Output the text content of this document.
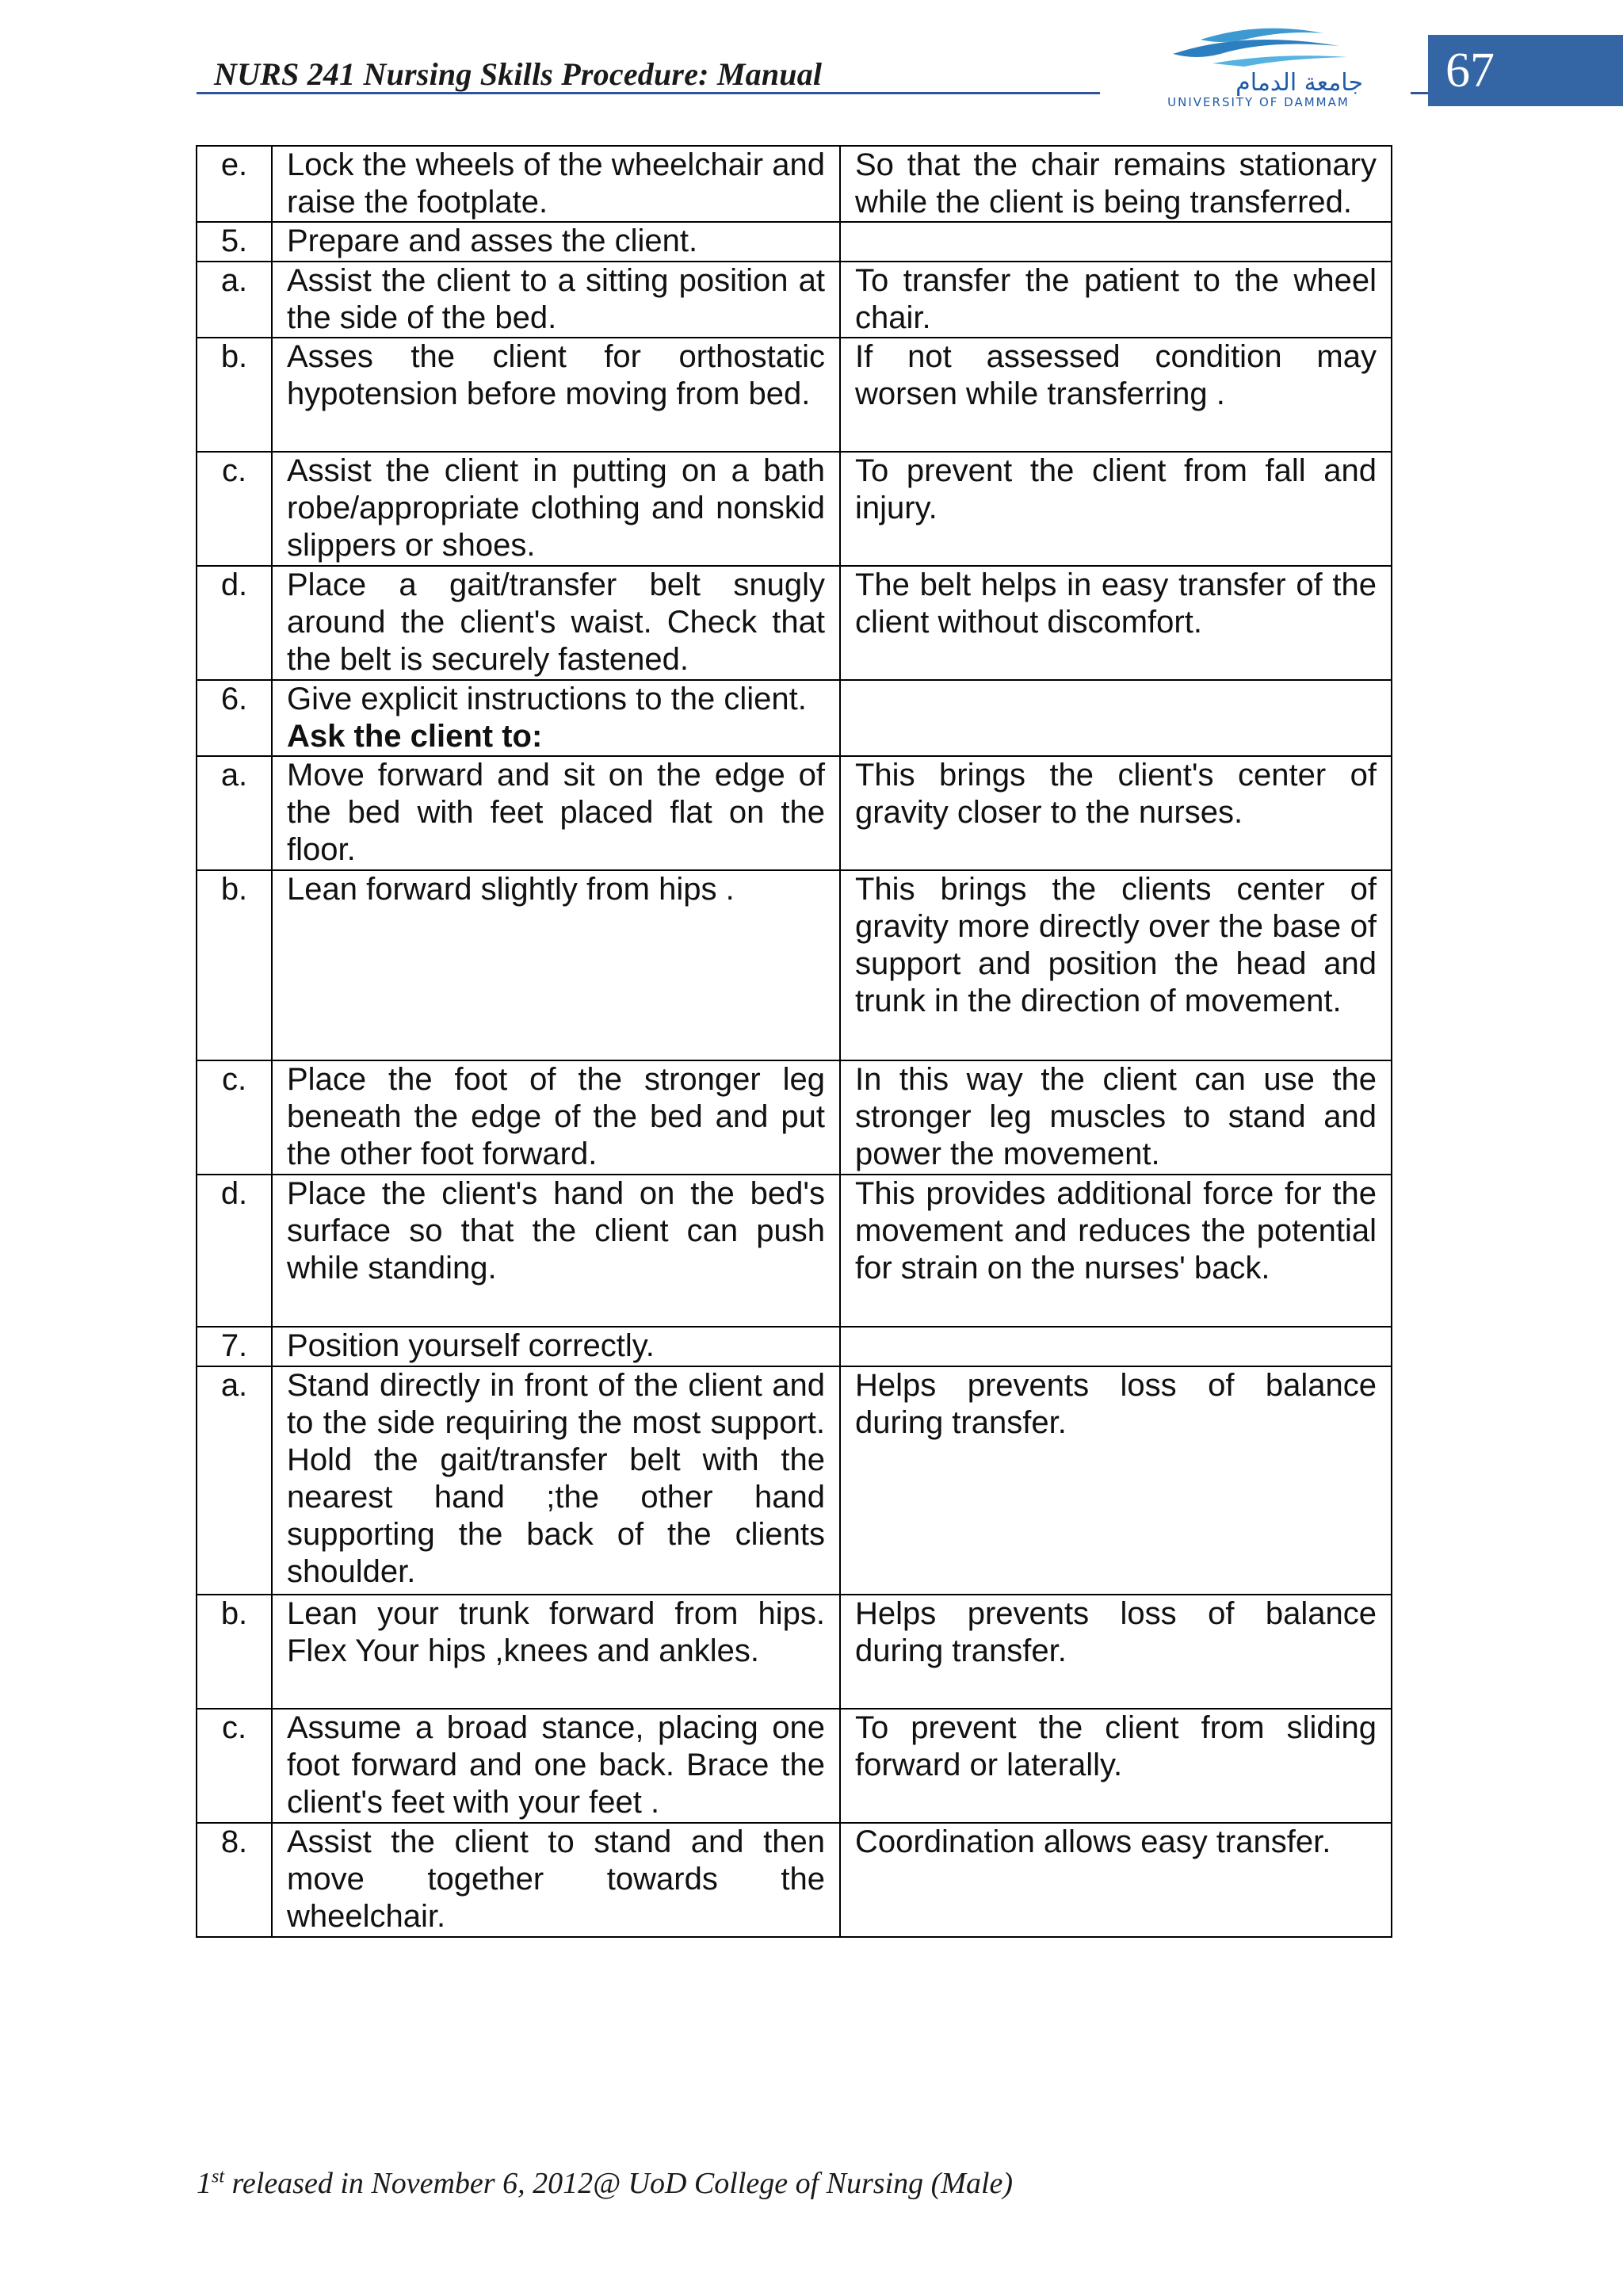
NURS 241 Nursing Skills Procedure: Manual	جامعة الدمام
UNIVERSITY OF DAMMAM
67
e.	Lock the wheels of the wheelchair and raise the footplate.	So that the chair remains stationary while the client is being transferred.
5.	Prepare and asses the client.	
a.	Assist the client to a sitting position at the side of the bed.	To transfer the patient to the wheel chair.
b.	Asses the client for orthostatic hypotension before moving from bed.	If not assessed condition may worsen while transferring .
c.	Assist the client in putting on a bath robe/appropriate clothing and nonskid slippers or shoes.	To prevent the client from fall and injury.
d.	Place a gait/transfer belt snugly around the client's waist. Check that the belt is securely fastened.	The belt helps in easy transfer of the client without discomfort.
6.	Give explicit instructions to the client.
Ask the client to:	

a.	Move forward and sit on the edge of the bed with feet placed flat on the floor.	This brings the client's center of gravity closer to the nurses.
b.	Lean forward slightly from hips .	This brings the clients center of gravity more directly over the base of support and position the head and trunk in the direction of movement.
c.	Place the foot of the stronger leg beneath the edge of the bed and put the other foot forward.	In this way the client can use the stronger leg muscles to stand and power the movement.
d.	Place the client's hand on the bed's surface so that the client can push while standing.	This provides additional force for the movement and reduces the potential for strain on the nurses' back.
7.	Position yourself correctly.	
a.	Stand directly in front of the client and to the side requiring the most support. Hold the gait/transfer belt with the nearest hand ;the other hand supporting the back of the clients shoulder.	Helps prevents loss of balance during transfer.
b.	Lean your trunk forward from hips. Flex Your hips ,knees and ankles.	Helps prevents loss of balance during transfer.
c.	Assume a broad stance, placing one foot forward and one back. Brace the client's feet with your feet .	To prevent the client from sliding forward or laterally.
8.	Assist the client to stand and then move together towards the wheelchair.	Coordination allows easy transfer.
1st released in November 6, 2012@ UoD College of Nursing (Male)
